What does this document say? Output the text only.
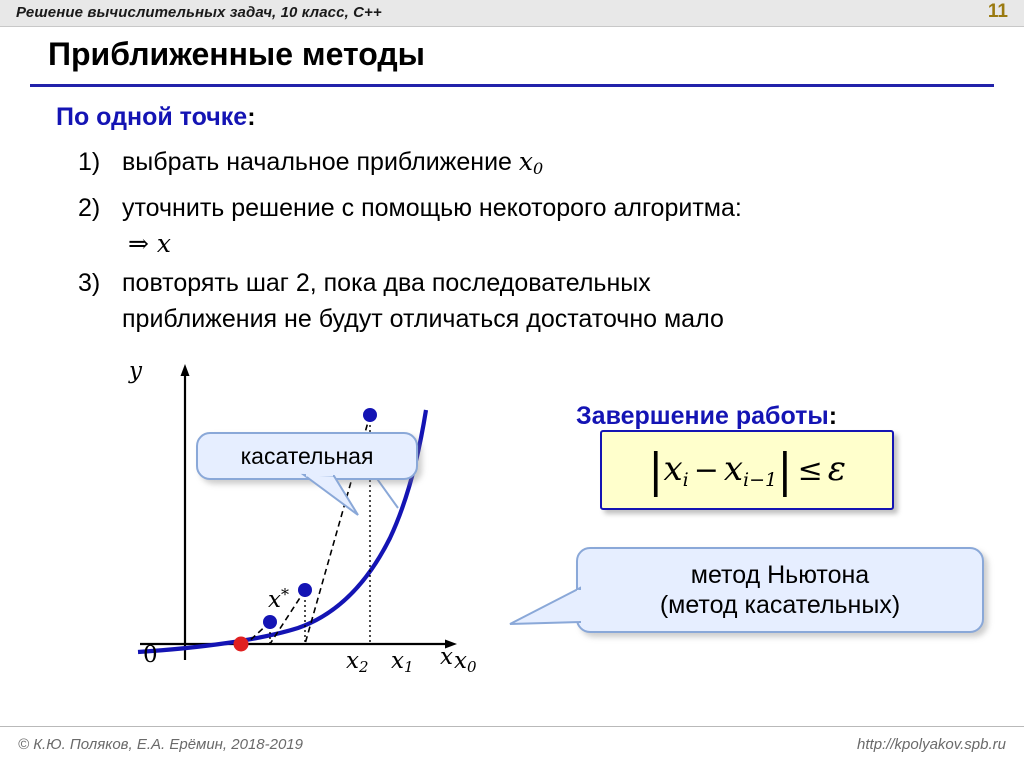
Решение вычислительных задач, 10 класс, C++	11
Приближенные методы
По одной точке:
1) выбрать начальное приближение $x_0$
2) уточнить решение с помощью некоторого алгоритма:
⇒ x
3) повторять шаг 2, пока два последовательных
приближения не будут отличаться достаточно мало
Завершение работы:
|xi − xi−1| ≤ ε
y
x
0
x*
x2 x1 x0
касательная
метод Ньютона
(метод касательных)
© К.Ю. Поляков, Е.А. Ерёмин, 2018-2019	http://kpolyakov.spb.ru
